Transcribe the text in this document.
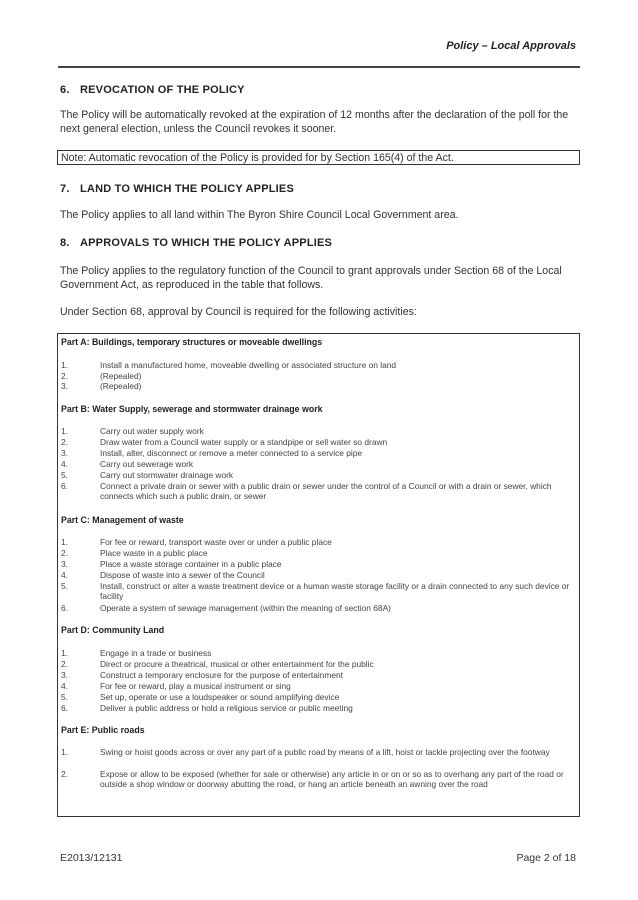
Policy – Local Approvals
6. REVOCATION OF THE POLICY
The Policy will be automatically revoked at the expiration of 12 months after the declaration of the poll for the next general election, unless the Council revokes it sooner.
Note: Automatic revocation of the Policy is provided for by Section 165(4) of the Act.
7. LAND TO WHICH THE POLICY APPLIES
The Policy applies to all land within The Byron Shire Council Local Government area.
8. APPROVALS TO WHICH THE POLICY APPLIES
The Policy applies to the regulatory function of the Council to grant approvals under Section 68 of the Local Government Act, as reproduced in the table that follows.
Under Section 68, approval by Council is required for the following activities:
Part A: Buildings, temporary structures or moveable dwellings
1.	Install a manufactured home, moveable dwelling or associated structure on land
2.	(Repealed)
3.	(Repealed)
Part B: Water Supply, sewerage and stormwater drainage work
1.	Carry out water supply work
2.	Draw water from a Council water supply or a standpipe or sell water so drawn
3.	Install, alter, disconnect or remove a meter connected to a service pipe
4.	Carry out sewerage work
5.	Carry out stormwater drainage work
6.	Connect a private drain or sewer with a public drain or sewer under the control of a Council or with a drain or sewer, which connects which such a public drain, or sewer
Part C: Management of waste
1.	For fee or reward, transport waste over or under a public place
2.	Place waste in a public place
3.	Place a waste storage container in a public place
4.	Dispose of waste into a sewer of the Council
5.	Install, construct or alter a waste treatment device or a human waste storage facility or a drain connected to any such device or facility
6.	Operate a system of sewage management (within the meaning of section 68A)
Part D: Community Land
1.	Engage in a trade or business
2.	Direct or procure a theatrical, musical or other entertainment for the public
3.	Construct a temporary enclosure for the purpose of entertainment
4.	For fee or reward, play a musical instrument or sing
5.	Set up, operate or use a loudspeaker or sound amplifying device
6.	Deliver a public address or hold a religious service or public meeting
Part E: Public roads
1.	Swing or hoist goods across or over any part of a public road by means of a lift, hoist or tackle projecting over the footway
2.	Expose or allow to be exposed (whether for sale or otherwise) any article in or on or so as to overhang any part of the road or outside a shop window or doorway abutting the road, or hang an article beneath an awning over the road
E2013/12131	Page 2 of 18
